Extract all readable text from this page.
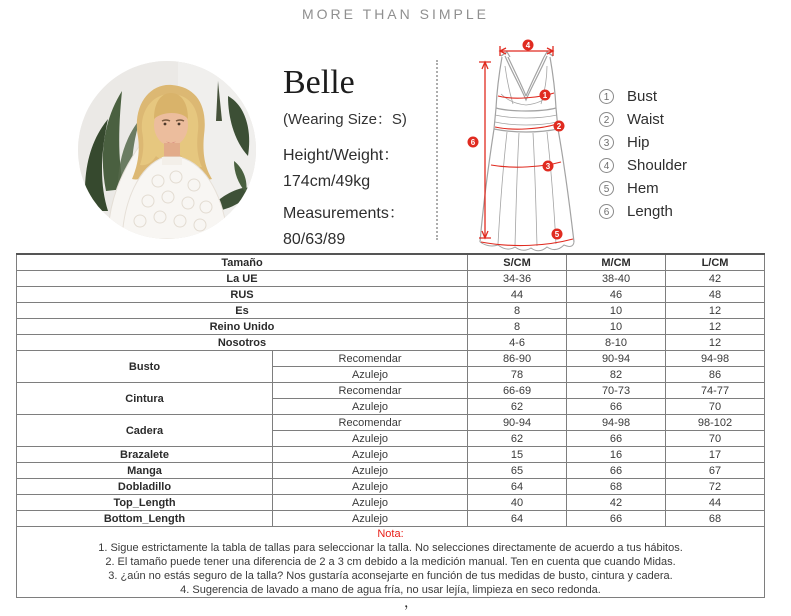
MORE THAN SIMPLE
Belle
(Wearing Size：S)
Height/Weight：
174cm/49kg
Measurements：
80/63/89
1
2
3
4
5
6
1	Bust
2	Waist
3	Hip
4	Shoulder
5	Hem
6	Length
Tamaño		S/CM	M/CM	L/CM
La UE		34-36	38-40	42
RUS		44	46	48
Es		8	10	12
Reino Unido		8	10	12
Nosotros		4-6	8-10	12
Busto	Recomendar	86-90	90-94	94-98
	Azulejo	78	82	86
Cintura	Recomendar	66-69	70-73	74-77
	Azulejo	62	66	70
Cadera	Recomendar	90-94	94-98	98-102
	Azulejo	62	66	70
Brazalete	Azulejo	15	16	17
Manga	Azulejo	65	66	67
Dobladillo	Azulejo	64	68	72
Top_Length	Azulejo	40	42	44
Bottom_Length	Azulejo	64	66	68

Nota:
1. Sigue estrictamente la tabla de tallas para seleccionar la talla. No selecciones directamente de acuerdo a tus hábitos.
2. El tamaño puede tener una diferencia de 2 a 3 cm debido a la medición manual. Ten en cuenta que cuando Midas.
3. ¿aún no estás seguro de la talla? Nos gustaría aconsejarte en función de tus medidas de busto, cintura y cadera.
4. Sugerencia de lavado a mano de agua fría, no usar lejía, limpieza en seco redonda.				
，
